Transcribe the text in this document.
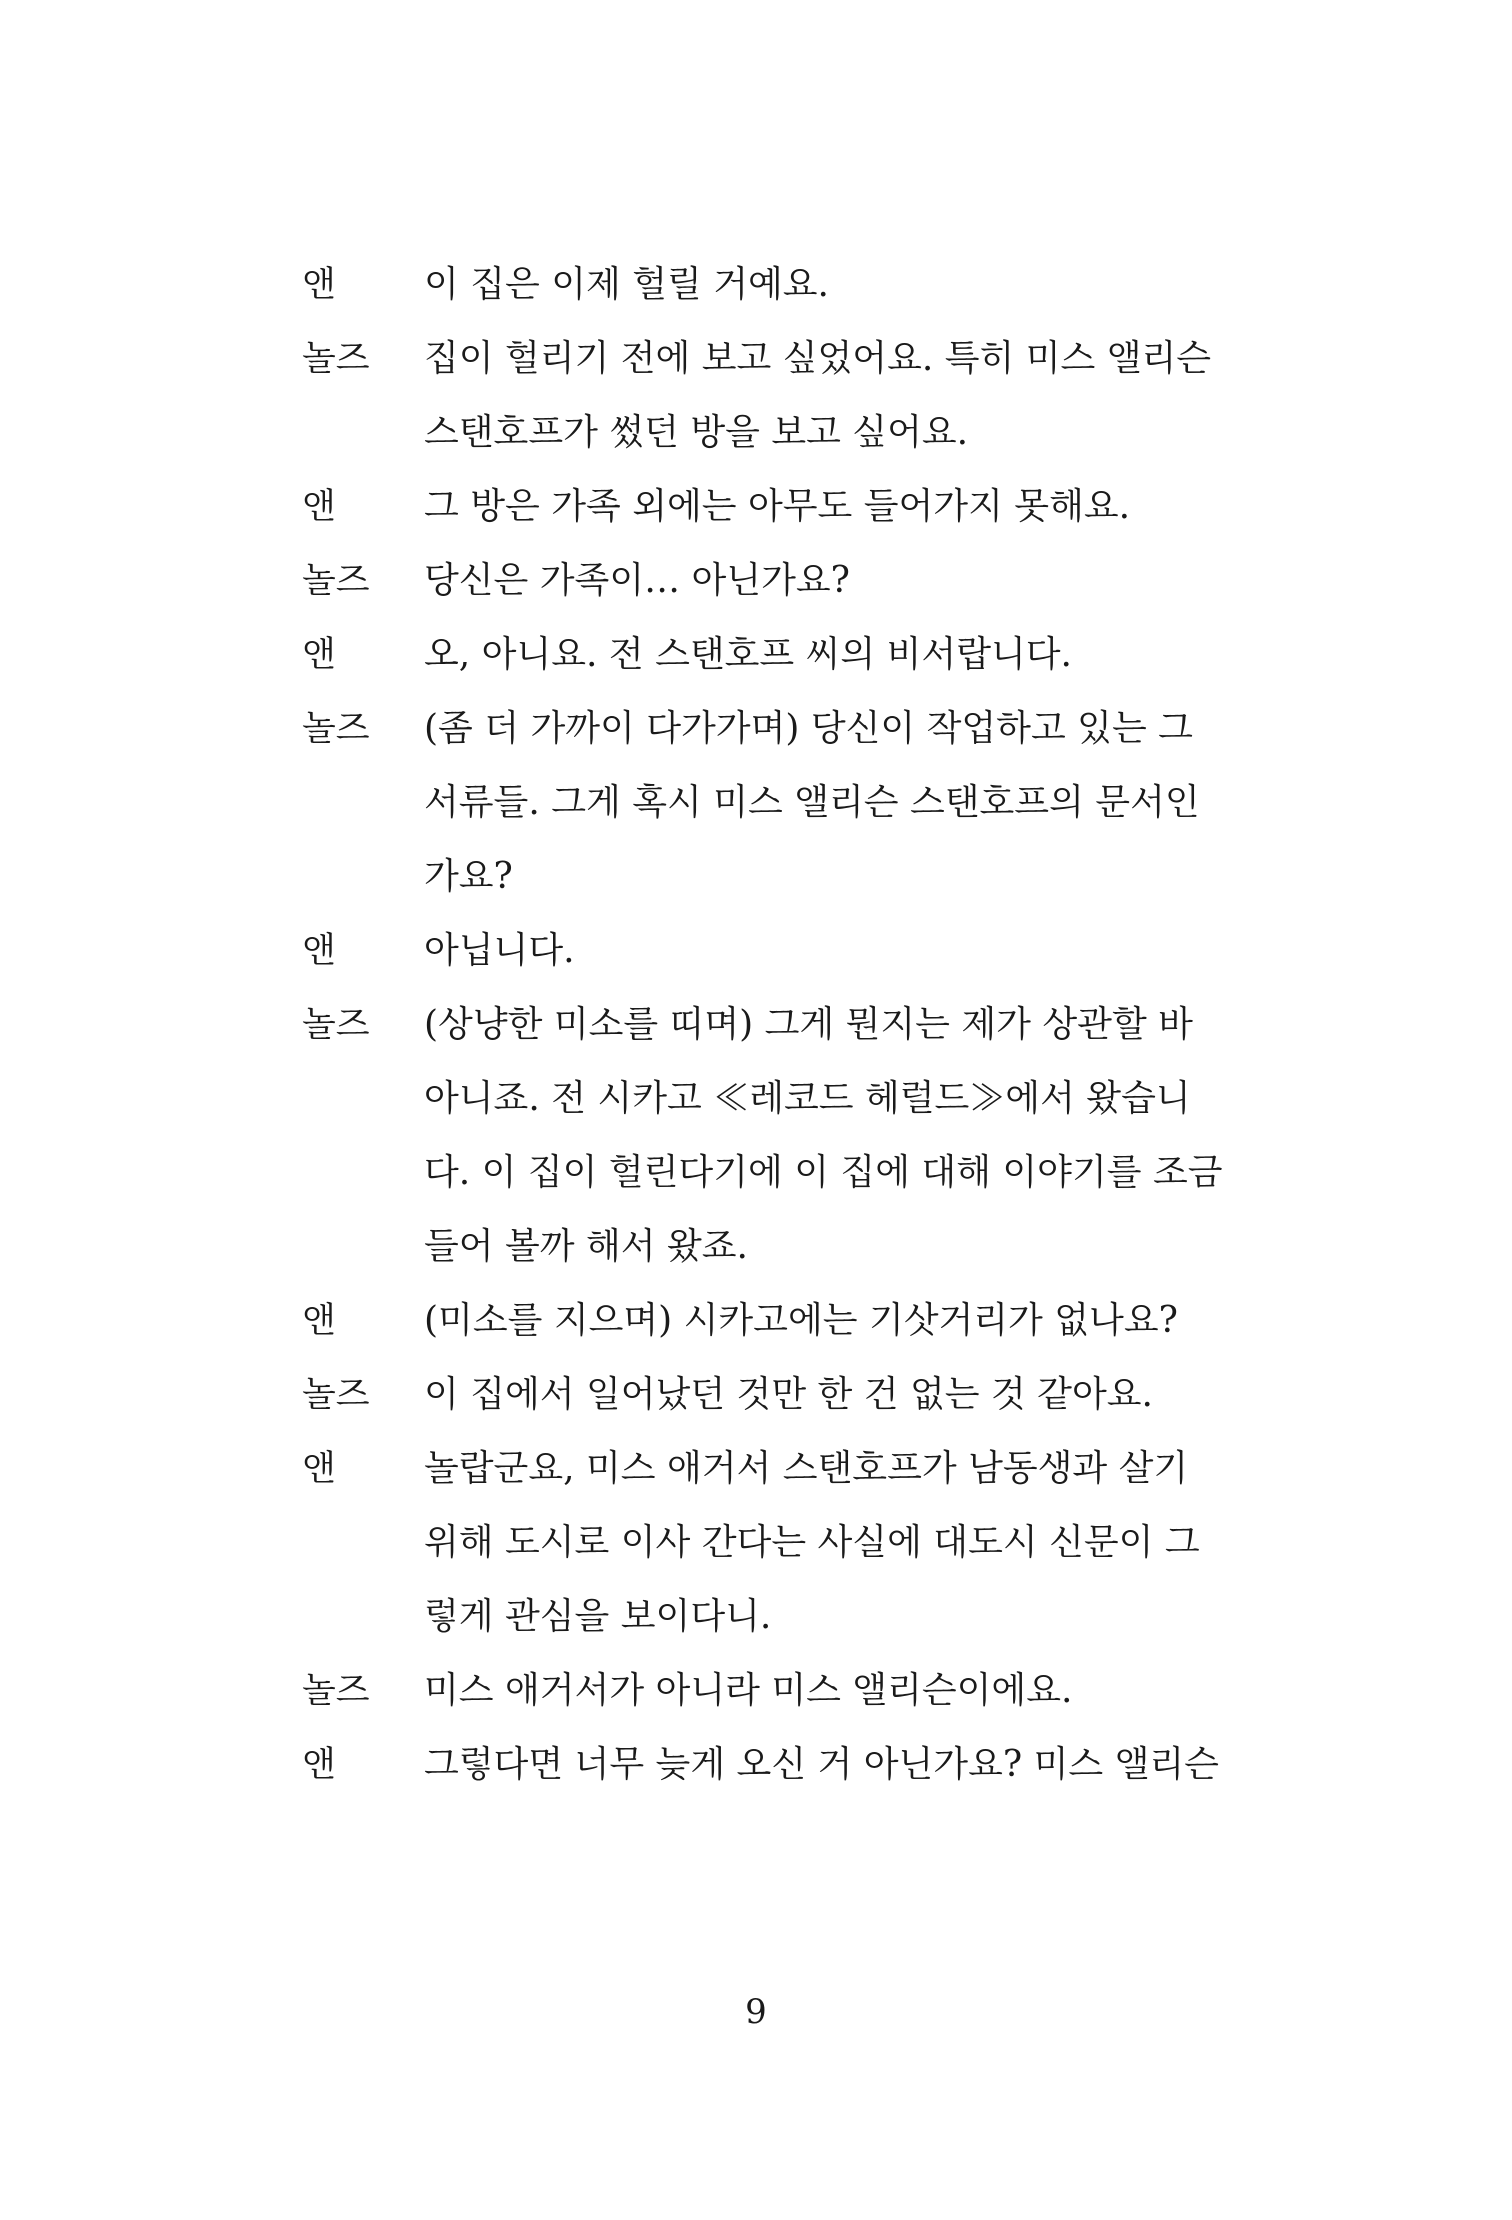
앤 이 집은 이제 헐릴 거예요.
놀즈 집이 헐리기 전에 보고 싶었어요. 특히 미스 앨리슨
스탠호프가 썼던 방을 보고 싶어요.
앤 그 방은 가족 외에는 아무도 들어가지 못해요.
놀즈 당신은 가족이… 아닌가요?
앤 오, 아니요. 전 스탠호프 씨의 비서랍니다.
놀즈 (좀 더 가까이 다가가며) 당신이 작업하고 있는 그
서류들. 그게 혹시 미스 앨리슨 스탠호프의 문서인
가요?
앤 아닙니다.
놀즈 (상냥한 미소를 띠며) 그게 뭔지는 제가 상관할 바
아니죠. 전 시카고 ≪레코드 헤럴드≫에서 왔습니
다. 이 집이 헐린다기에 이 집에 대해 이야기를 조금
들어 볼까 해서 왔죠.
앤 (미소를 지으며) 시카고에는 기삿거리가 없나요?
놀즈 이 집에서 일어났던 것만 한 건 없는 것 같아요.
앤 놀랍군요, 미스 애거서 스탠호프가 남동생과 살기
위해 도시로 이사 간다는 사실에 대도시 신문이 그
렇게 관심을 보이다니.
놀즈 미스 애거서가 아니라 미스 앨리슨이에요.
앤 그렇다면 너무 늦게 오신 거 아닌가요? 미스 앨리슨
9
